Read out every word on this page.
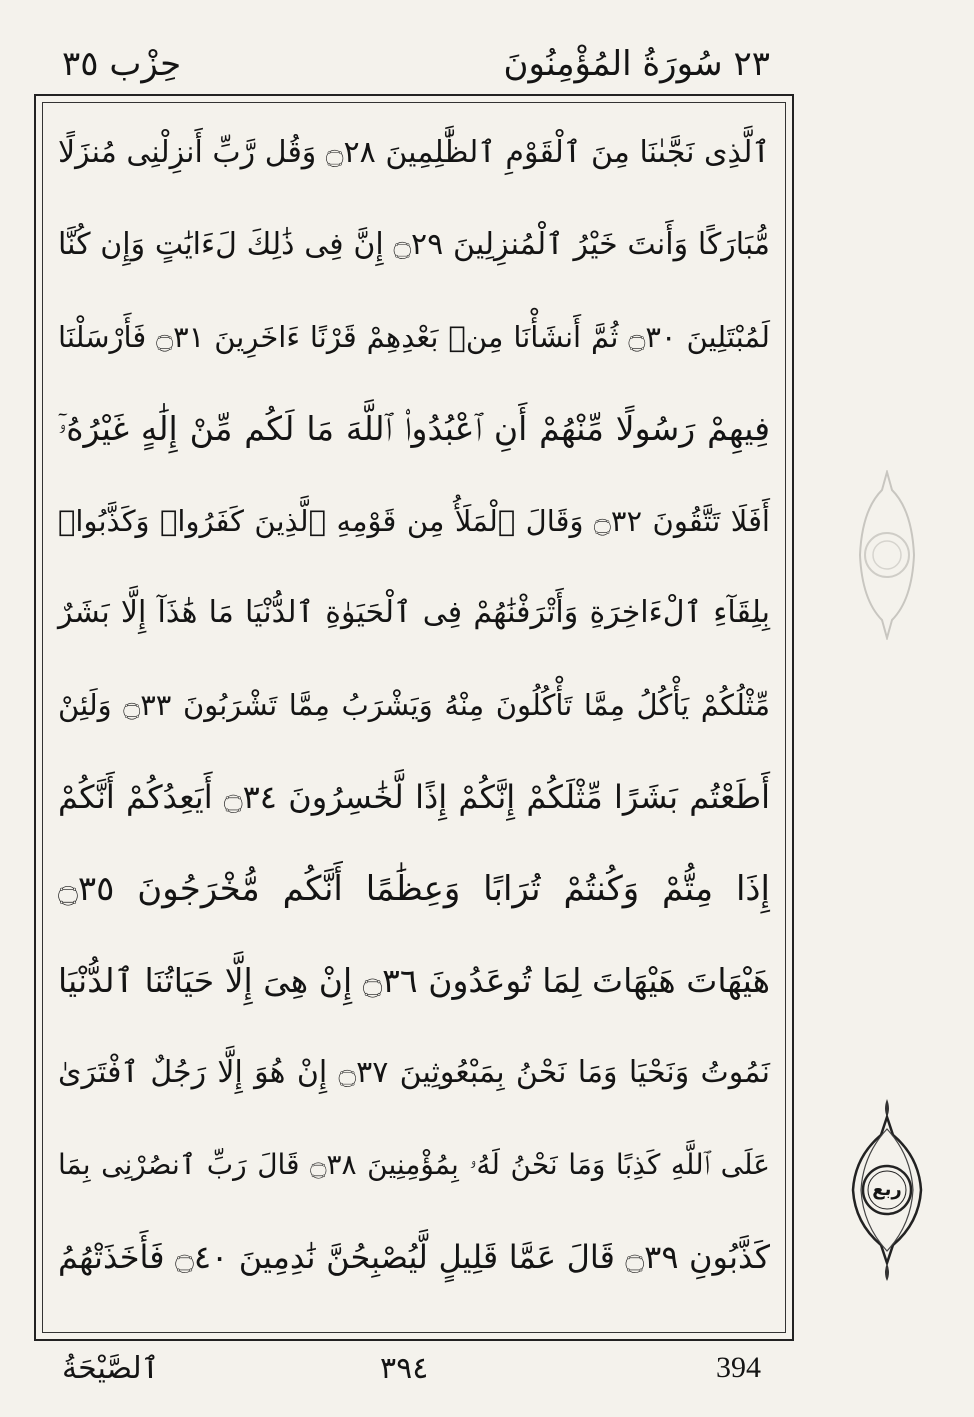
٢٣ سُورَةُ المُؤْمِنُونَ
حِزْب ٣٥
ٱلَّذِى نَجَّىٰنَا مِنَ ٱلْقَوْمِ ٱلظَّٰلِمِينَ ۝٢٨ وَقُل رَّبِّ أَنزِلْنِى مُنزَلًا
مُّبَارَكًا وَأَنتَ خَيْرُ ٱلْمُنزِلِينَ ۝٢٩ إِنَّ فِى ذَٰلِكَ لَءَايَٰتٍ وَإِن كُنَّا
لَمُبْتَلِينَ ۝٣٠ ثُمَّ أَنشَأْنَا مِنۢ بَعْدِهِمْ قَرْنًا ءَاخَرِينَ ۝٣١ فَأَرْسَلْنَا
فِيهِمْ رَسُولًا مِّنْهُمْ أَنِ ٱعْبُدُوا۟ ٱللَّهَ مَا لَكُم مِّنْ إِلَٰهٍ غَيْرُهُۥٓ
أَفَلَا تَتَّقُونَ ۝٣٢ وَقَالَ ٱلْمَلَأُ مِن قَوْمِهِ ٱلَّذِينَ كَفَرُوا۟ وَكَذَّبُوا۟
بِلِقَآءِ ٱلْءَاخِرَةِ وَأَتْرَفْنَٰهُمْ فِى ٱلْحَيَوٰةِ ٱلدُّنْيَا مَا هَٰذَآ إِلَّا بَشَرٌ
مِّثْلُكُمْ يَأْكُلُ مِمَّا تَأْكُلُونَ مِنْهُ وَيَشْرَبُ مِمَّا تَشْرَبُونَ ۝٣٣ وَلَئِنْ
أَطَعْتُم بَشَرًا مِّثْلَكُمْ إِنَّكُمْ إِذًا لَّخَٰسِرُونَ ۝٣٤ أَيَعِدُكُمْ أَنَّكُمْ
إِذَا مِتُّمْ وَكُنتُمْ تُرَابًا وَعِظَٰمًا أَنَّكُم مُّخْرَجُونَ ۝٣٥
هَيْهَاتَ هَيْهَاتَ لِمَا تُوعَدُونَ ۝٣٦ إِنْ هِىَ إِلَّا حَيَاتُنَا ٱلدُّنْيَا
نَمُوتُ وَنَحْيَا وَمَا نَحْنُ بِمَبْعُوثِينَ ۝٣٧ إِنْ هُوَ إِلَّا رَجُلٌ ٱفْتَرَىٰ
عَلَى ٱللَّهِ كَذِبًا وَمَا نَحْنُ لَهُۥ بِمُؤْمِنِينَ ۝٣٨ قَالَ رَبِّ ٱنصُرْنِى بِمَا
كَذَّبُونِ ۝٣٩ قَالَ عَمَّا قَلِيلٍ لَّيُصْبِحُنَّ نَٰدِمِينَ ۝٤٠ فَأَخَذَتْهُمُ
ربع
ٱلصَّيْحَةُ	٣٩٤	394
